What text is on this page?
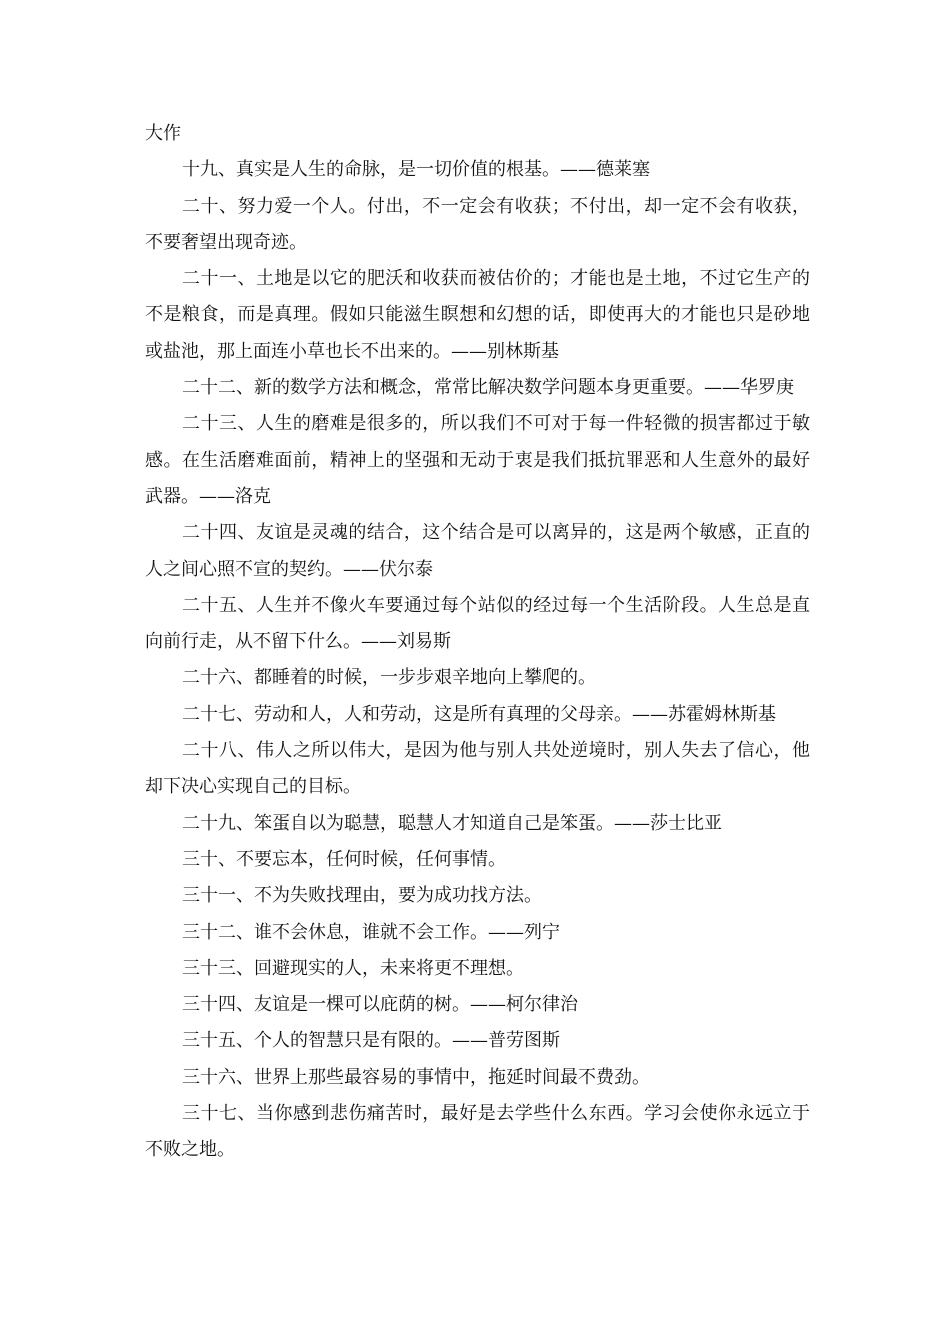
大作

十九、真实是人生的命脉，是一切价值的根基。——德莱塞

二十、努力爱一个人。付出，不一定会有收获；不付出，却一定不会有收获，不要奢望出现奇迹。

二十一、土地是以它的肥沃和收获而被估价的；才能也是土地，不过它生产的不是粮食，而是真理。假如只能滋生瞑想和幻想的话，即使再大的才能也只是砂地或盐池，那上面连小草也长不出来的。——别林斯基

二十二、新的数学方法和概念，常常比解决数学问题本身更重要。——华罗庚

二十三、人生的磨难是很多的，所以我们不可对于每一件轻微的损害都过于敏感。在生活磨难面前，精神上的坚强和无动于衷是我们抵抗罪恶和人生意外的最好武器。——洛克

二十四、友谊是灵魂的结合，这个结合是可以离异的，这是两个敏感，正直的人之间心照不宣的契约。——伏尔泰

二十五、人生并不像火车要通过每个站似的经过每一个生活阶段。人生总是直向前行走，从不留下什么。——刘易斯

二十六、都睡着的时候，一步步艰辛地向上攀爬的。

二十七、劳动和人，人和劳动，这是所有真理的父母亲。——苏霍姆林斯基

二十八、伟人之所以伟大，是因为他与别人共处逆境时，别人失去了信心，他却下决心实现自己的目标。

二十九、笨蛋自以为聪慧，聪慧人才知道自己是笨蛋。——莎士比亚

三十、不要忘本，任何时候，任何事情。

三十一、不为失败找理由，要为成功找方法。

三十二、谁不会休息，谁就不会工作。——列宁

三十三、回避现实的人，未来将更不理想。

三十四、友谊是一棵可以庇荫的树。——柯尔律治

三十五、个人的智慧只是有限的。——普劳图斯

三十六、世界上那些最容易的事情中，拖延时间最不费劲。

三十七、当你感到悲伤痛苦时，最好是去学些什么东西。学习会使你永远立于不败之地。
